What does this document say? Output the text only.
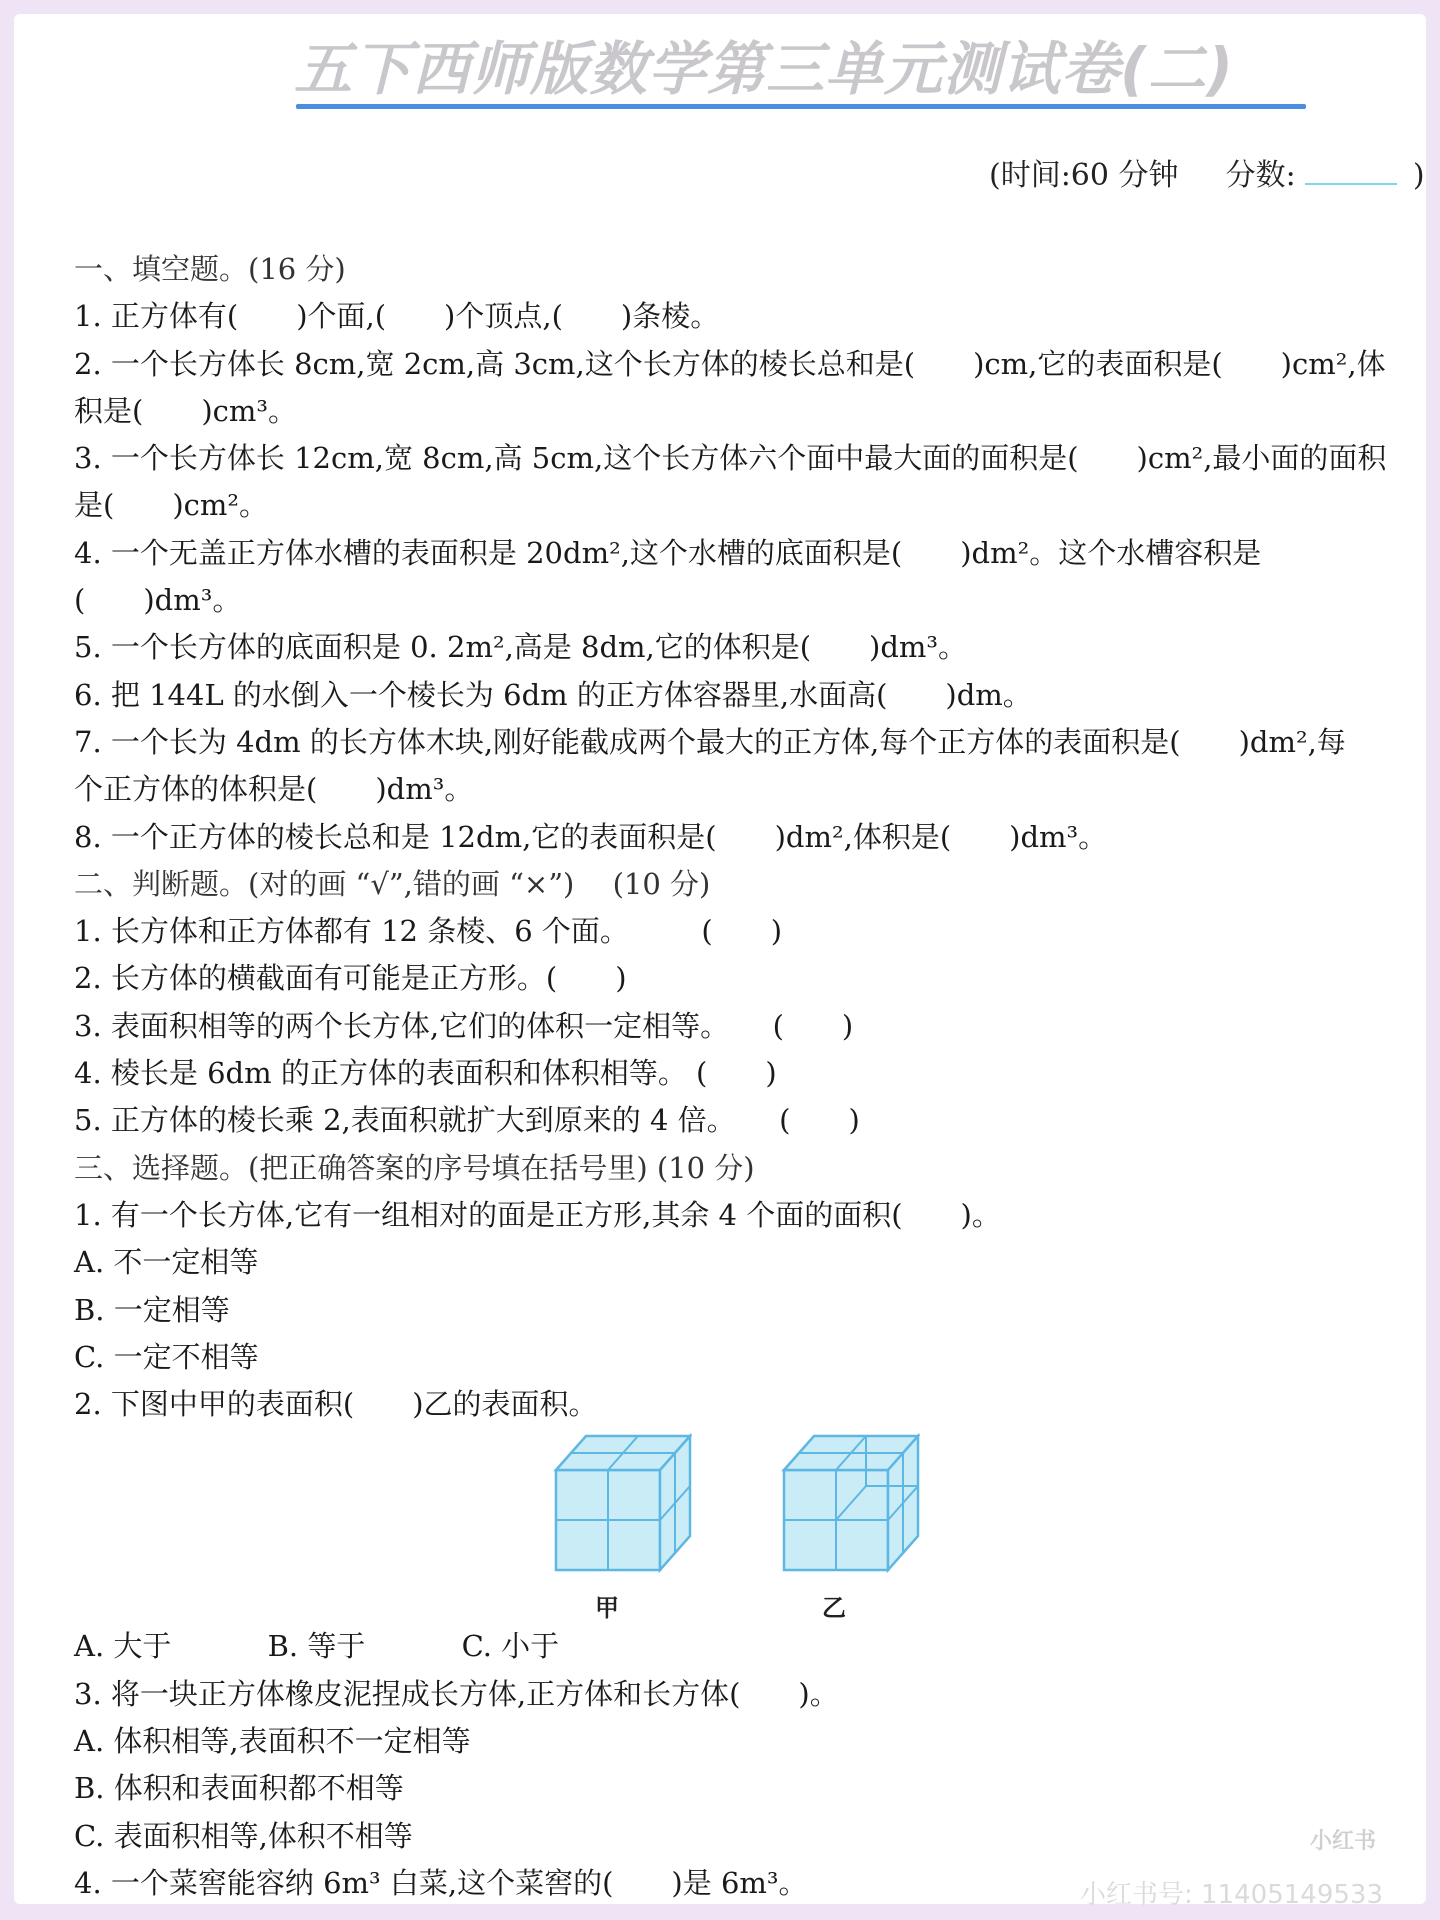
五下西师版数学第三单元测试卷(二)
(时间:60 分钟 分数:	)
一、填空题。(16 分)
1. 正方体有(　　)个面,(　　)个顶点,(　　)条棱。
2. 一个长方体长 8cm,宽 2cm,高 3cm,这个长方体的棱长总和是(　　)cm,它的表面积是(　　)cm²,体
积是(　　)cm³。
3. 一个长方体长 12cm,宽 8cm,高 5cm,这个长方体六个面中最大面的面积是(　　)cm²,最小面的面积
是(　　)cm²。
4. 一个无盖正方体水槽的表面积是 20dm²,这个水槽的底面积是(　　)dm²。这个水槽容积是
(　　)dm³。
5. 一个长方体的底面积是 0. 2m²,高是 8dm,它的体积是(　　)dm³。
6. 把 144L 的水倒入一个棱长为 6dm 的正方体容器里,水面高(　　)dm。
7. 一个长为 4dm 的长方体木块,刚好能截成两个最大的正方体,每个正方体的表面积是(　　)dm²,每
个正方体的体积是(　　)dm³。
8. 一个正方体的棱长总和是 12dm,它的表面积是(　　)dm²,体积是(　　)dm³。
二、判断题。(对的画 “√”,错的画 “×”)　 (10 分)
1. 长方体和正方体都有 12 条棱、6 个面。　　　(　　)
2. 长方体的横截面有可能是正方形。(　　)
3. 表面积相等的两个长方体,它们的体积一定相等。　　(　　)
4. 棱长是 6dm 的正方体的表面积和体积相等。 (　　)
5. 正方体的棱长乘 2,表面积就扩大到原来的 4 倍。　　(　　)
三、选择题。(把正确答案的序号填在括号里) (10 分)
1. 有一个长方体,它有一组相对的面是正方形,其余 4 个面的面积(　　)。
A. 不一定相等
B. 一定相等
C. 一定不相等
2. 下图中甲的表面积(　　)乙的表面积。
甲	乙
A. 大于　　　 B. 等于　　　 C. 小于
3. 将一块正方体橡皮泥捏成长方体,正方体和长方体(　　)。
A. 体积相等,表面积不一定相等
B. 体积和表面积都不相等
C. 表面积相等,体积不相等
4. 一个菜窖能容纳 6m³ 白菜,这个菜窖的(　　)是 6m³。
小红书
小红书号: 11405149533
